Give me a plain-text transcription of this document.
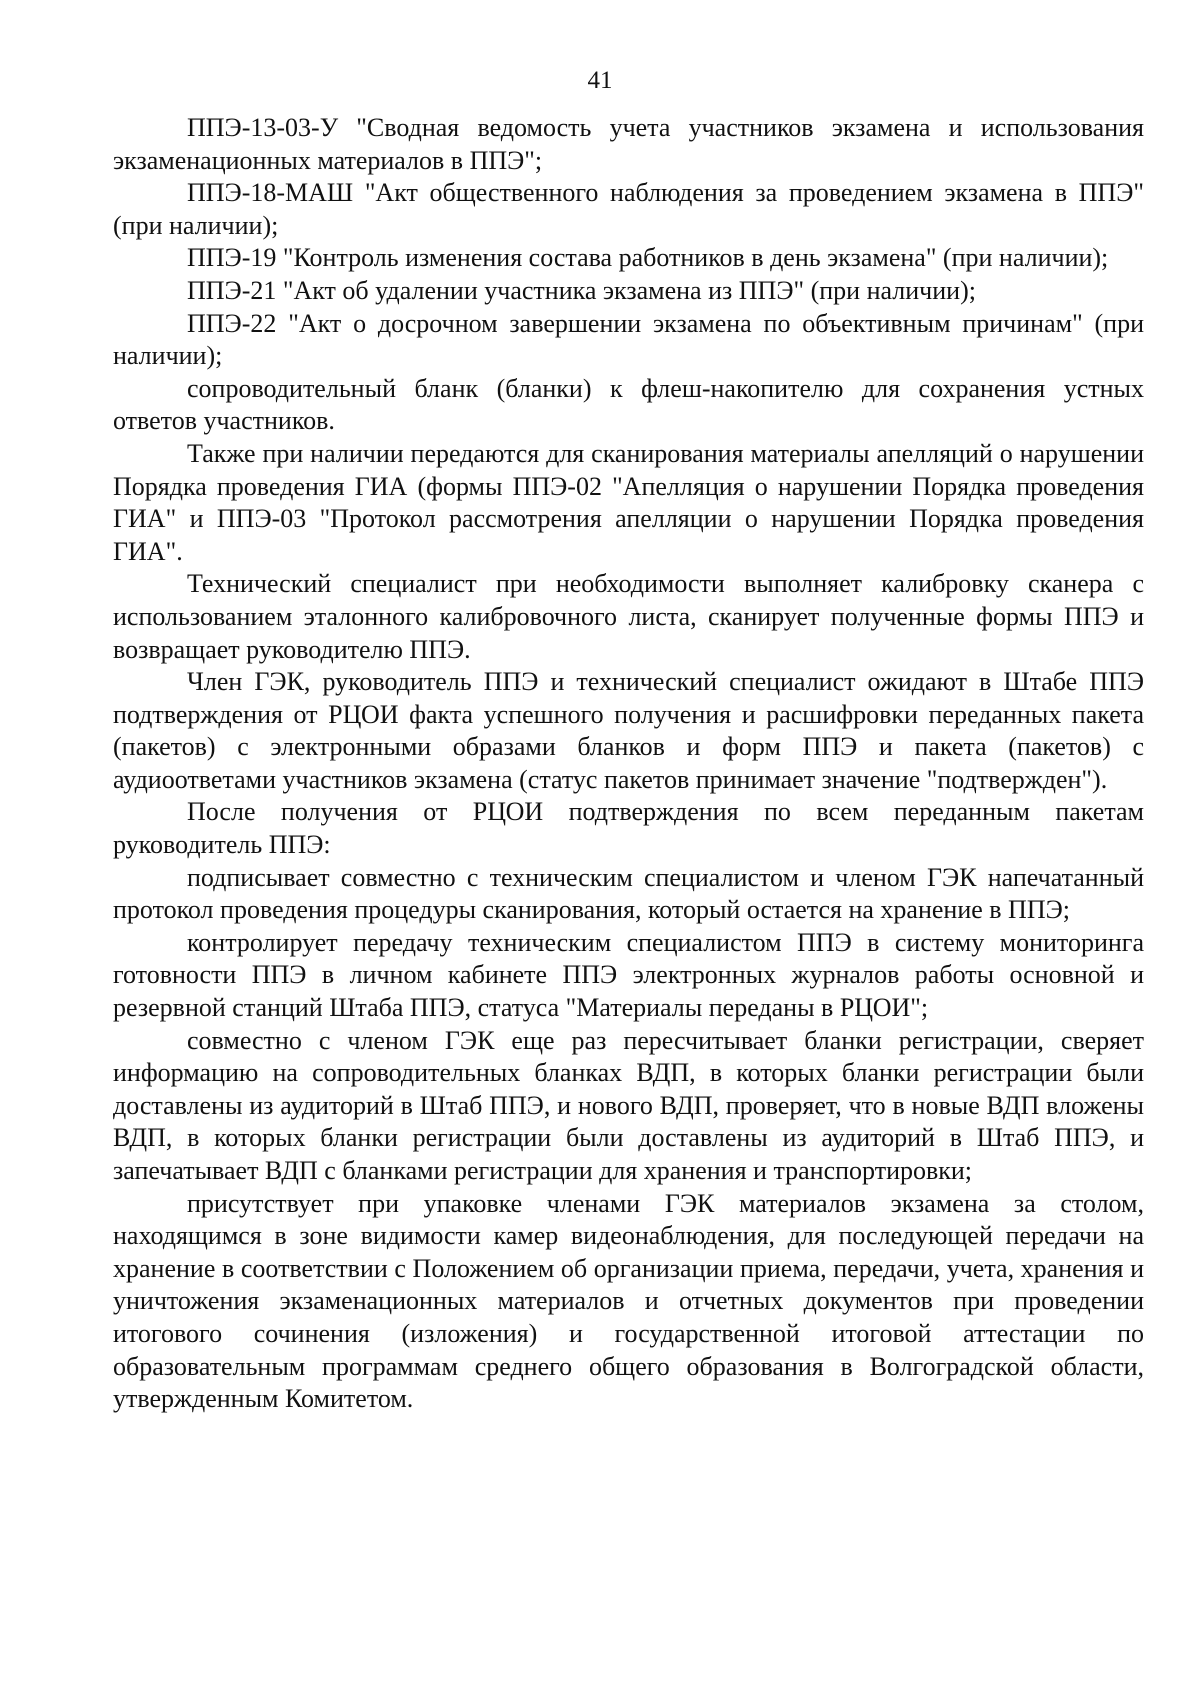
41

ППЭ-13-03-У "Сводная ведомость учета участников экзамена и использования экзаменационных материалов в ППЭ";

ППЭ-18-МАШ "Акт общественного наблюдения за проведением экзамена в ППЭ" (при наличии);

ППЭ-19 "Контроль изменения состава работников в день экзамена" (при наличии);

ППЭ-21 "Акт об удалении участника экзамена из ППЭ" (при наличии);

ППЭ-22 "Акт о досрочном завершении экзамена по объективным причинам" (при наличии);

сопроводительный бланк (бланки) к флеш-накопителю для сохранения устных ответов участников.

Также при наличии передаются для сканирования материалы апелляций о нарушении Порядка проведения ГИА (формы ППЭ-02 "Апелляция о нарушении Порядка проведения ГИА" и ППЭ-03 "Протокол рассмотрения апелляции о нарушении Порядка проведения ГИА".

Технический специалист при необходимости выполняет калибровку сканера с использованием эталонного калибровочного листа, сканирует полученные формы ППЭ и возвращает руководителю ППЭ.

Член ГЭК, руководитель ППЭ и технический специалист ожидают в Штабе ППЭ подтверждения от РЦОИ факта успешного получения и расшифровки переданных пакета (пакетов) с электронными образами бланков и форм ППЭ и пакета (пакетов) с аудиоответами участников экзамена (статус пакетов принимает значение "подтвержден").

После получения от РЦОИ подтверждения по всем переданным пакетам руководитель ППЭ:

подписывает совместно с техническим специалистом и членом ГЭК напечатанный протокол проведения процедуры сканирования, который остается на хранение в ППЭ;

контролирует передачу техническим специалистом ППЭ в систему мониторинга готовности ППЭ в личном кабинете ППЭ электронных журналов работы основной и резервной станций Штаба ППЭ, статуса "Материалы переданы в РЦОИ";

совместно с членом ГЭК еще раз пересчитывает бланки регистрации, сверяет информацию на сопроводительных бланках ВДП, в которых бланки регистрации были доставлены из аудиторий в Штаб ППЭ, и нового ВДП, проверяет, что в новые ВДП вложены ВДП, в которых бланки регистрации были доставлены из аудиторий в Штаб ППЭ, и запечатывает ВДП с бланками регистрации для хранения и транспортировки;

присутствует при упаковке членами ГЭК материалов экзамена за столом, находящимся в зоне видимости камер видеонаблюдения, для последующей передачи на хранение в соответствии с Положением об организации приема, передачи, учета, хранения и уничтожения экзаменационных материалов и отчетных документов при проведении итогового сочинения (изложения) и государственной итоговой аттестации по образовательным программам среднего общего образования в Волгоградской области, утвержденным Комитетом.
